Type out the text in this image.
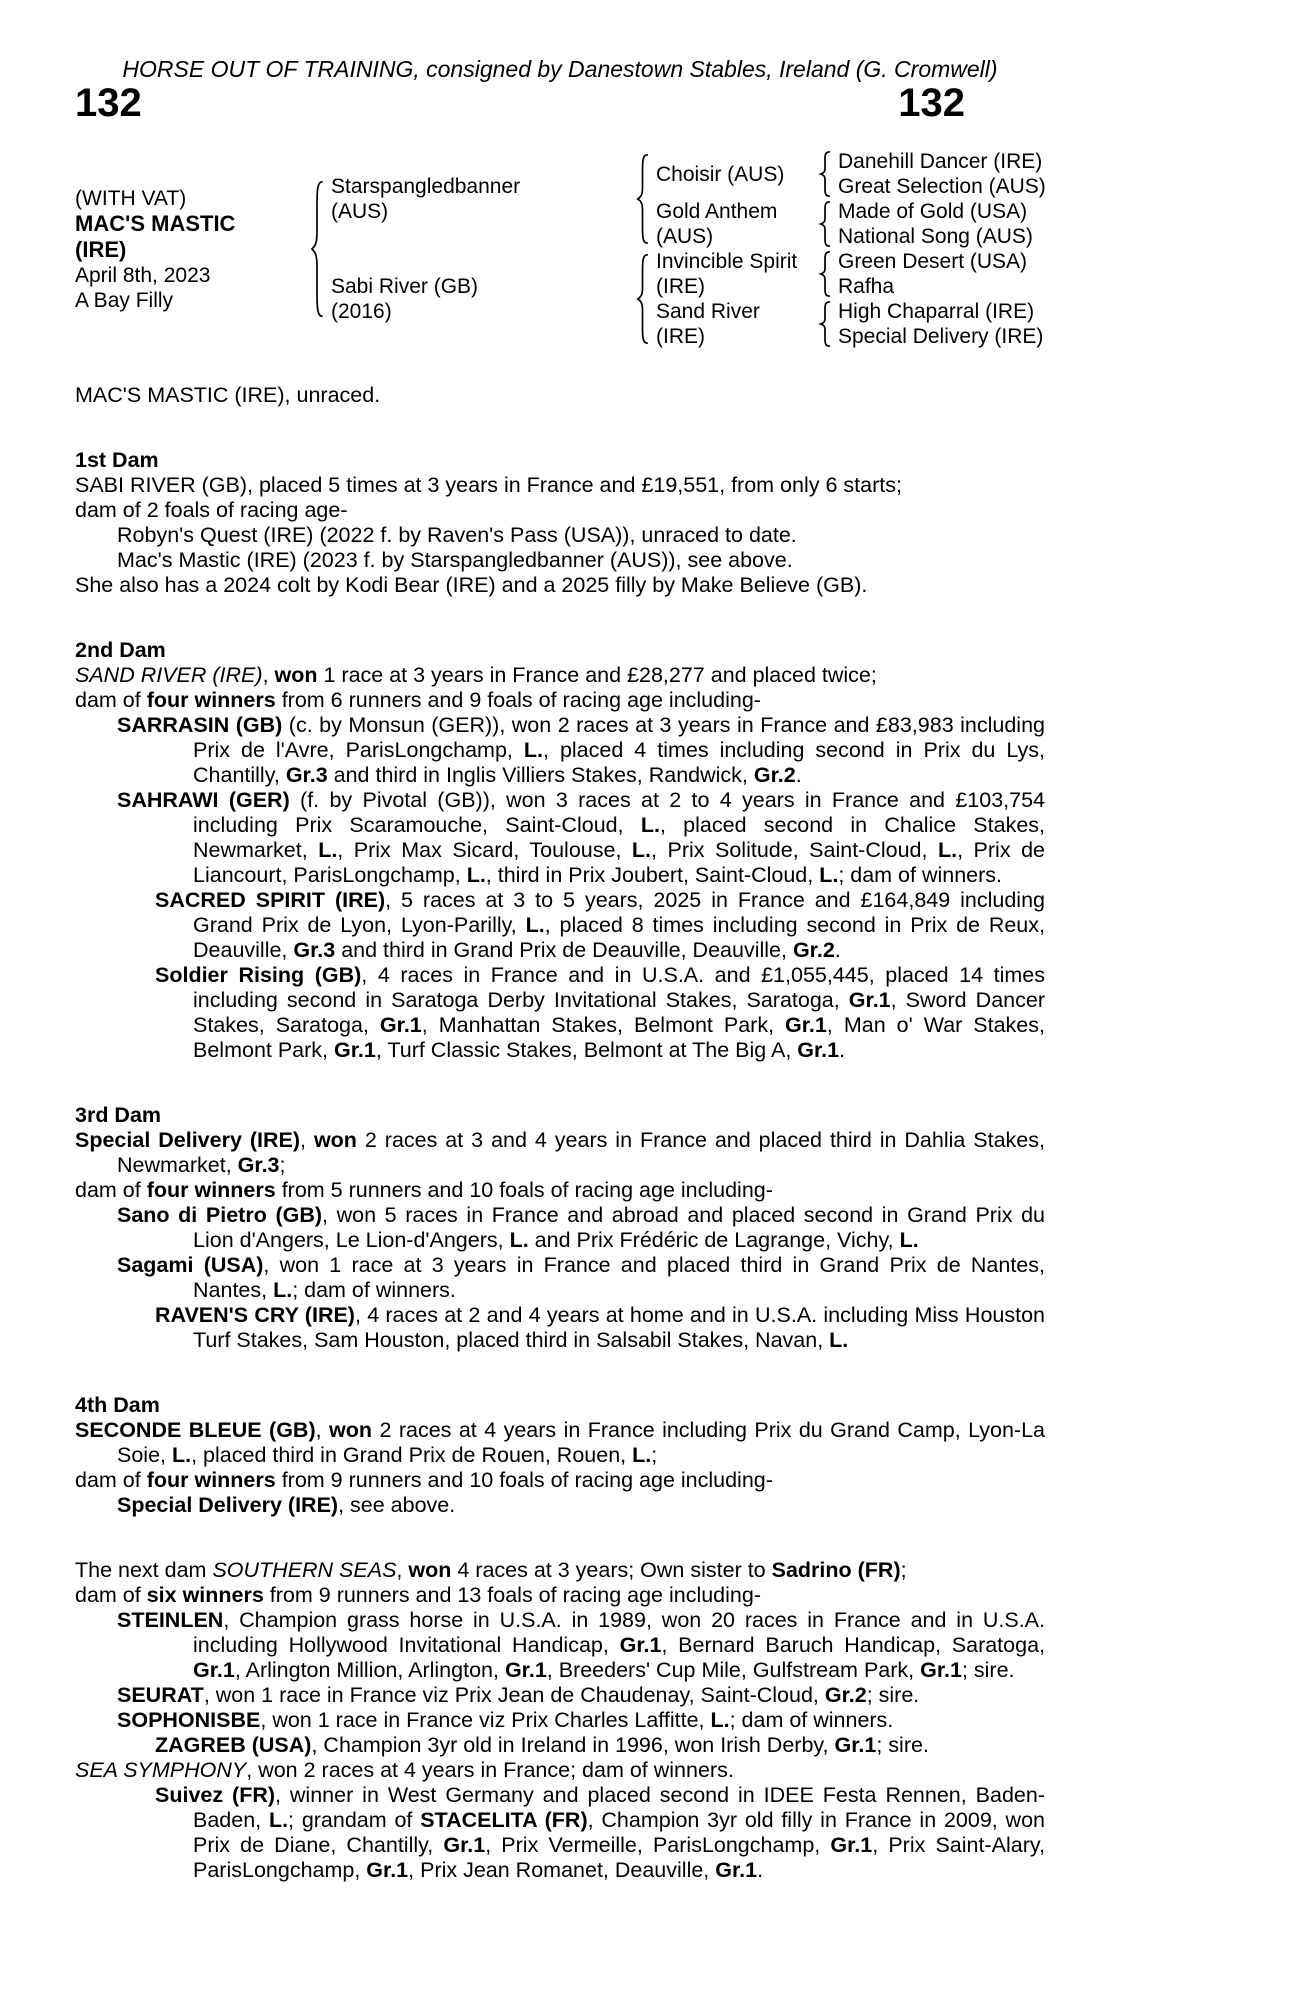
HORSE OUT OF TRAINING, consigned by Danestown Stables, Ireland (G. Cromwell)
132	132
(WITH VAT)
MAC'S MASTIC (IRE)
April 8th, 2023
A Bay Filly
Starspangledbanner
(AUS)
Choisir (AUS)
Danehill Dancer (IRE)
Great Selection (AUS)
Gold Anthem
(AUS)
Made of Gold (USA)
National Song (AUS)
Sabi River (GB)
(2016)
Invincible Spirit
(IRE)
Green Desert (USA)
Rafha
Sand River (IRE)
High Chaparral (IRE)
Special Delivery (IRE)
MAC'S MASTIC (IRE), unraced.
1st Dam
SABI RIVER (GB), placed 5 times at 3 years in France and £19,551, from only 6 starts;
dam of 2 foals of racing age-
Robyn's Quest (IRE) (2022 f. by Raven's Pass (USA)), unraced to date.
Mac's Mastic (IRE) (2023 f. by Starspangledbanner (AUS)), see above.
She also has a 2024 colt by Kodi Bear (IRE) and a 2025 filly by Make Believe (GB).
2nd Dam
SAND RIVER (IRE), won 1 race at 3 years in France and £28,277 and placed twice;
dam of four winners from 6 runners and 9 foals of racing age including-
SARRASIN (GB) (c. by Monsun (GER)), won 2 races at 3 years in France and £83,983 including Prix de l'Avre, ParisLongchamp, L., placed 4 times including second in Prix du Lys, Chantilly, Gr.3 and third in Inglis Villiers Stakes, Randwick, Gr.2.
SAHRAWI (GER) (f. by Pivotal (GB)), won 3 races at 2 to 4 years in France and £103,754 including Prix Scaramouche, Saint-Cloud, L., placed second in Chalice Stakes, Newmarket, L., Prix Max Sicard, Toulouse, L., Prix Solitude, Saint-Cloud, L., Prix de Liancourt, ParisLongchamp, L., third in Prix Joubert, Saint-Cloud, L.; dam of winners.
SACRED SPIRIT (IRE), 5 races at 3 to 5 years, 2025 in France and £164,849 including Grand Prix de Lyon, Lyon-Parilly, L., placed 8 times including second in Prix de Reux, Deauville, Gr.3 and third in Grand Prix de Deauville, Deauville, Gr.2.
Soldier Rising (GB), 4 races in France and in U.S.A. and £1,055,445, placed 14 times including second in Saratoga Derby Invitational Stakes, Saratoga, Gr.1, Sword Dancer Stakes, Saratoga, Gr.1, Manhattan Stakes, Belmont Park, Gr.1, Man o' War Stakes, Belmont Park, Gr.1, Turf Classic Stakes, Belmont at The Big A, Gr.1.
3rd Dam
Special Delivery (IRE), won 2 races at 3 and 4 years in France and placed third in Dahlia Stakes, Newmarket, Gr.3;
dam of four winners from 5 runners and 10 foals of racing age including-
Sano di Pietro (GB), won 5 races in France and abroad and placed second in Grand Prix du Lion d'Angers, Le Lion-d'Angers, L. and Prix Frédéric de Lagrange, Vichy, L.
Sagami (USA), won 1 race at 3 years in France and placed third in Grand Prix de Nantes, Nantes, L.; dam of winners.
RAVEN'S CRY (IRE), 4 races at 2 and 4 years at home and in U.S.A. including Miss Houston Turf Stakes, Sam Houston, placed third in Salsabil Stakes, Navan, L.
4th Dam
SECONDE BLEUE (GB), won 2 races at 4 years in France including Prix du Grand Camp, Lyon-La Soie, L., placed third in Grand Prix de Rouen, Rouen, L.;
dam of four winners from 9 runners and 10 foals of racing age including-
Special Delivery (IRE), see above.
The next dam SOUTHERN SEAS, won 4 races at 3 years; Own sister to Sadrino (FR);
dam of six winners from 9 runners and 13 foals of racing age including-
STEINLEN, Champion grass horse in U.S.A. in 1989, won 20 races in France and in U.S.A. including Hollywood Invitational Handicap, Gr.1, Bernard Baruch Handicap, Saratoga, Gr.1, Arlington Million, Arlington, Gr.1, Breeders' Cup Mile, Gulfstream Park, Gr.1; sire.
SEURAT, won 1 race in France viz Prix Jean de Chaudenay, Saint-Cloud, Gr.2; sire.
SOPHONISBE, won 1 race in France viz Prix Charles Laffitte, L.; dam of winners.
ZAGREB (USA), Champion 3yr old in Ireland in 1996, won Irish Derby, Gr.1; sire.
SEA SYMPHONY, won 2 races at 4 years in France; dam of winners.
Suivez (FR), winner in West Germany and placed second in IDEE Festa Rennen, Baden-Baden, L.; grandam of STACELITA (FR), Champion 3yr old filly in France in 2009, won Prix de Diane, Chantilly, Gr.1, Prix Vermeille, ParisLongchamp, Gr.1, Prix Saint-Alary, ParisLongchamp, Gr.1, Prix Jean Romanet, Deauville, Gr.1.
